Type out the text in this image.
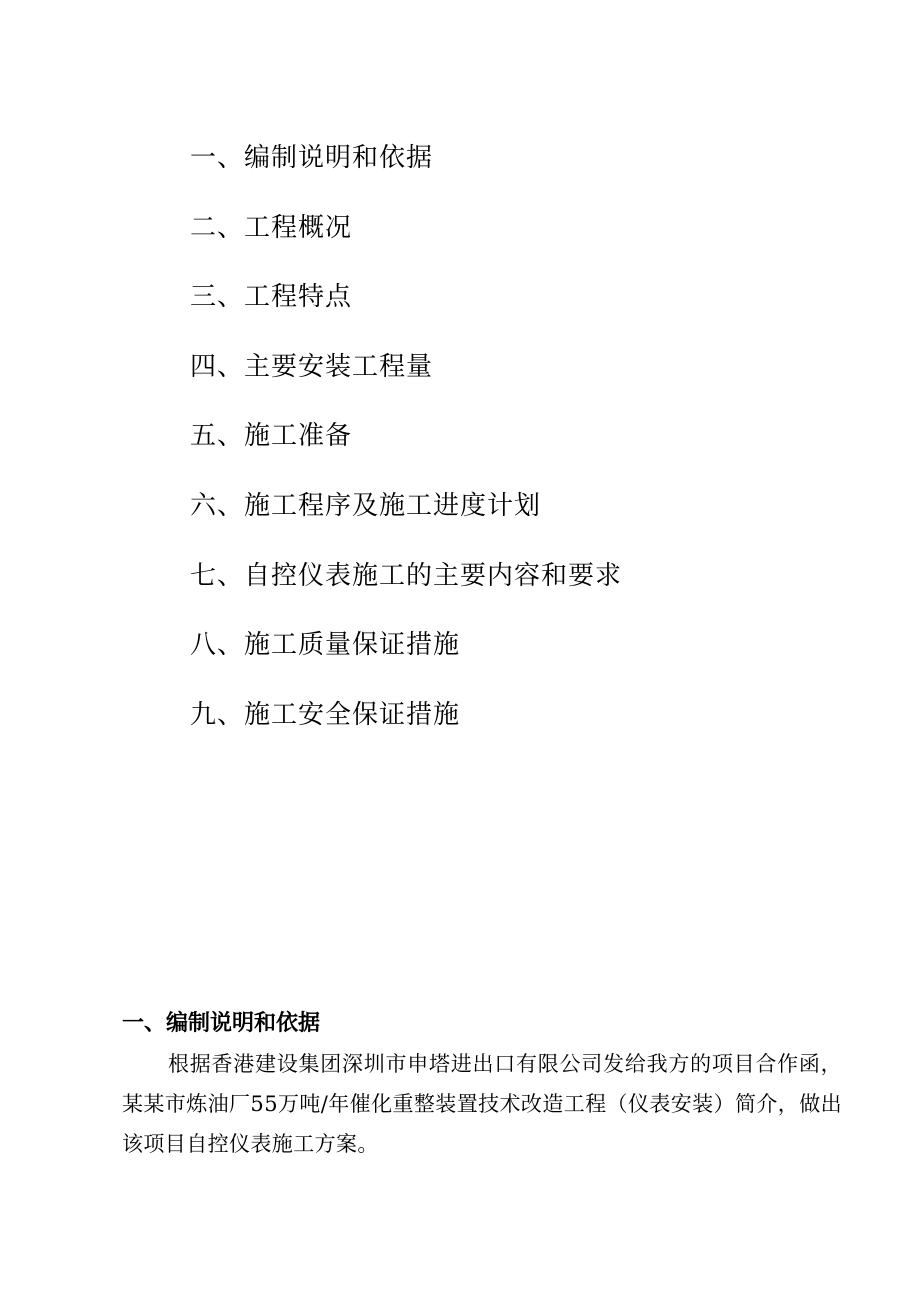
一、编制说明和依据
二、工程概况
三、工程特点
四、主要安装工程量
五、施工准备
六、施工程序及施工进度计划
七、自控仪表施工的主要内容和要求
八、施工质量保证措施
九、施工安全保证措施
一、编制说明和依据

根据香港建设集团深圳市申塔进出口有限公司发给我方的项目合作函，某某市炼油厂55万吨/年催化重整装置技术改造工程（仪表安装）简介，做出该项目自控仪表施工方案。
